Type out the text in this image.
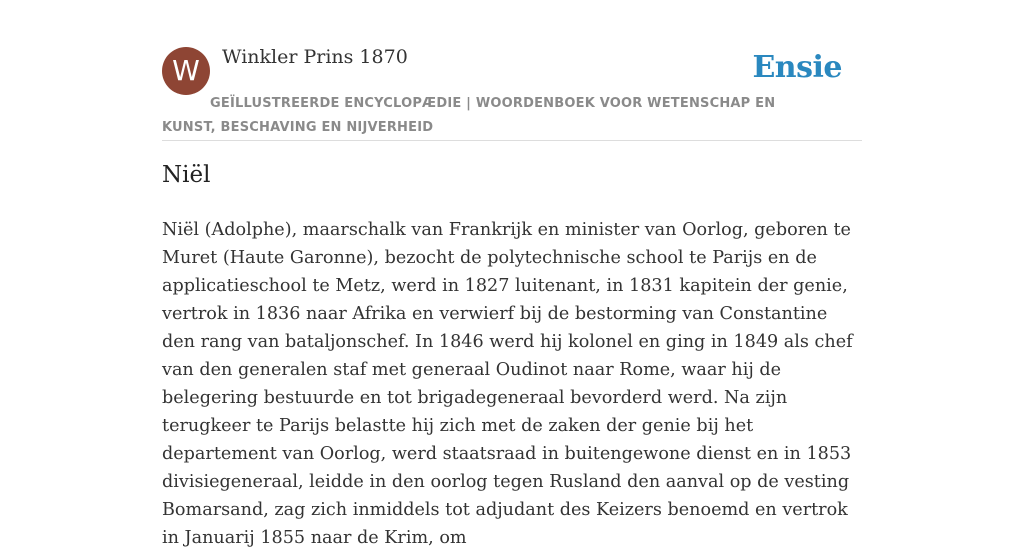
W	Winkler Prins 1870	Ensie
GEÏLLUSTREERDE ENCYCLOPÆDIE | WOORDENBOEK VOOR WETENSCHAP EN KUNST, BESCHAVING EN NIJVERHEID
Niël

Niël (Adolphe), maarschalk van Frankrijk en minister van Oorlog, geboren te Muret (Haute Garonne), bezocht de polytechnische school te Parijs en de applicatieschool te Metz, werd in 1827 luitenant, in 1831 kapitein der genie, vertrok in 1836 naar Afrika en verwierf bij de bestorming van Constantine den rang van bataljonschef. In 1846 werd hij kolonel en ging in 1849 als chef van den generalen staf met generaal Oudinot naar Rome, waar hij de belegering bestuurde en tot brigadegeneraal bevorderd werd. Na zijn terugkeer te Parijs belastte hij zich met de zaken der genie bij het departement van Oorlog, werd staatsraad in buitengewone dienst en in 1853 divisiegeneraal, leidde in den oorlog tegen Rusland den aanval op de vesting Bomarsand, zag zich inmiddels tot adjudant des Keizers benoemd en vertrok in Januarij 1855 naar de Krim, om
